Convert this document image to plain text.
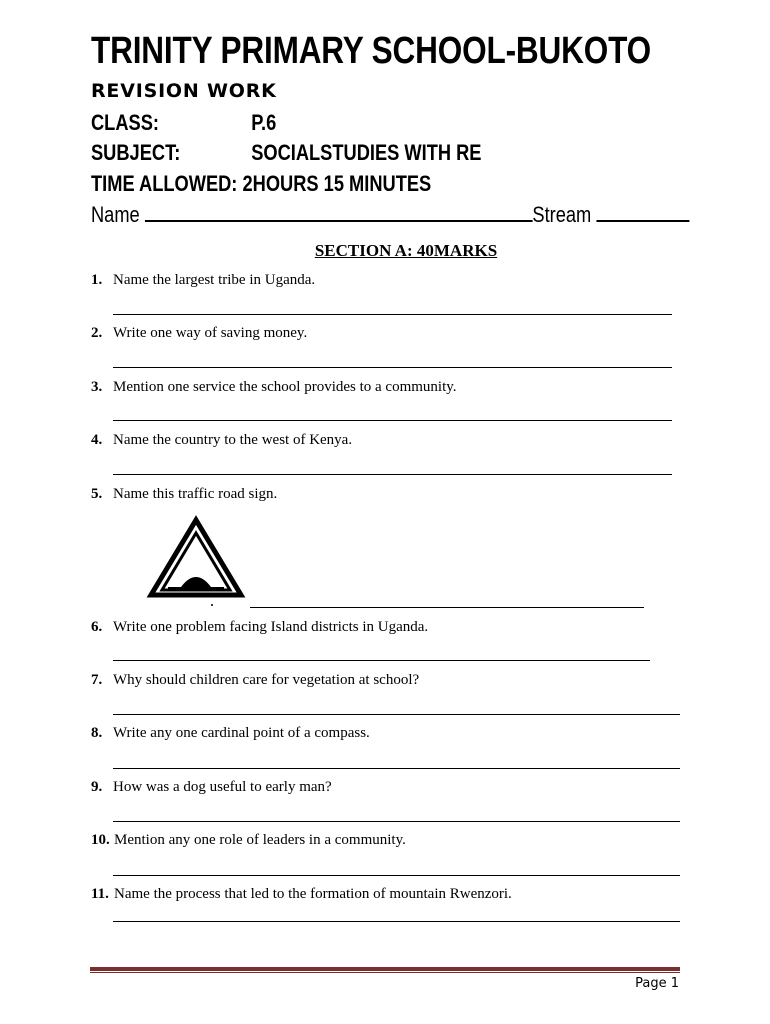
TRINITY PRIMARY SCHOOL-BUKOTO
REVISION WORK
CLASS:	P.6
SUBJECT:	SOCIALSTUDIES WITH RE
TIME ALLOWED: 2HOURS 15 MINUTES
Name	Stream
SECTION A: 40MARKS
1. Name the largest tribe in Uganda.
2. Write one way of saving money.
3. Mention one service the school provides to a community.
4. Name the country to the west of Kenya.
5. Name this traffic road sign.
6. Write one problem facing Island districts in Uganda.
7. Why should children care for vegetation at school?
8. Write any one cardinal point of a compass.
9. How was a dog useful to early man?
10. Mention any one role of leaders in a community.
11. Name the process that led to the formation of mountain Rwenzori.
Page 1
